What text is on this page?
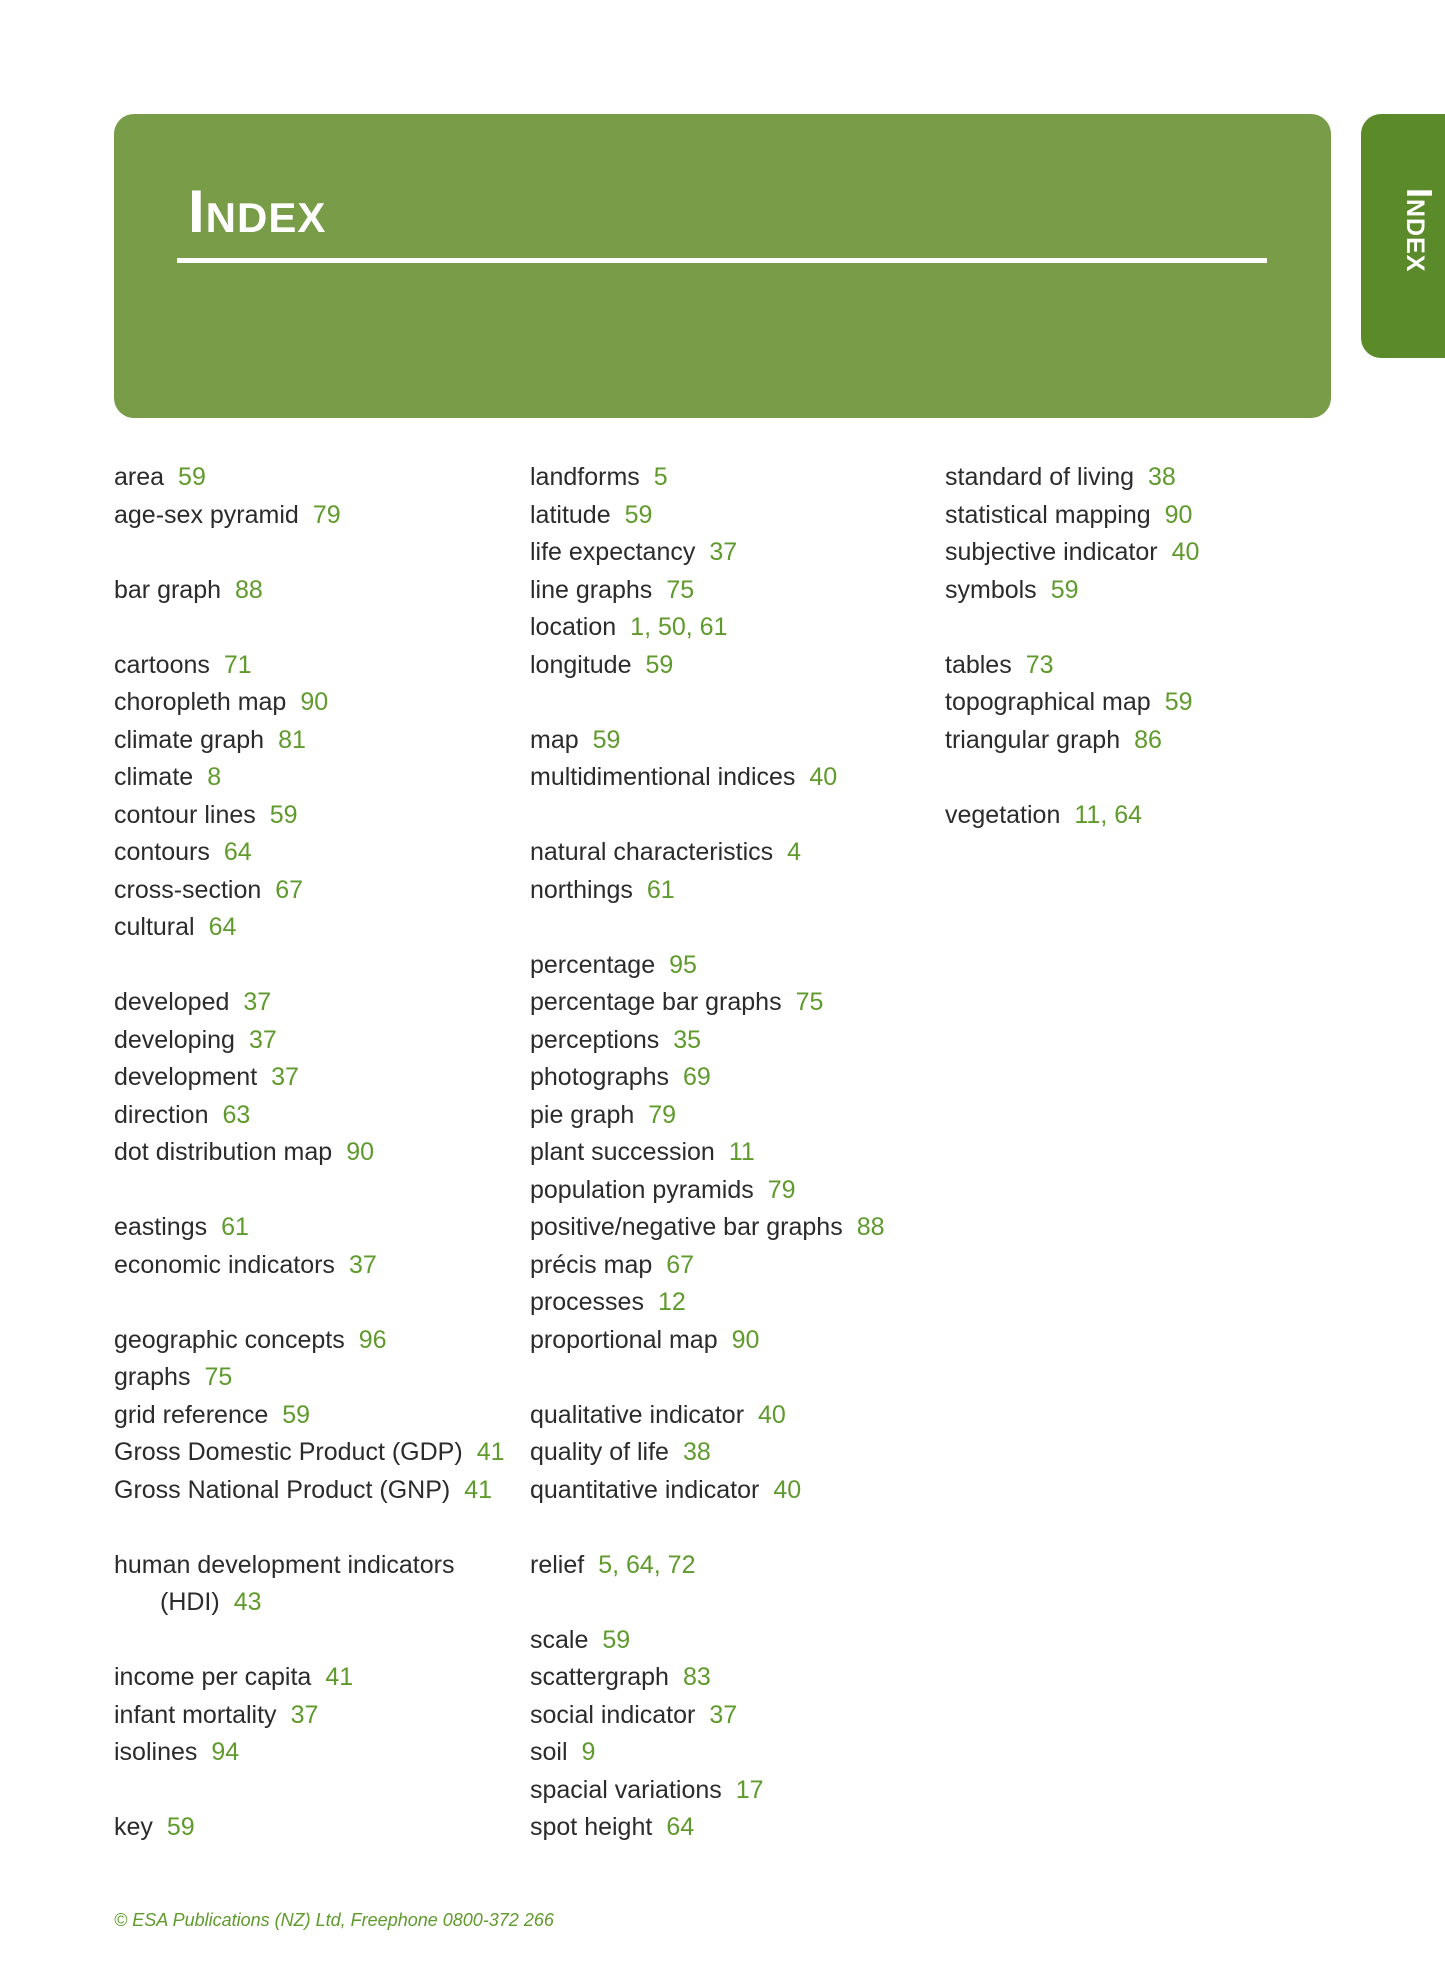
Index	Index
area 59
age-sex pyramid 79
bar graph 88
cartoons 71
choropleth map 90
climate graph 81
climate 8
contour lines 59
contours 64
cross-section 67
cultural 64
developed 37
developing 37
development 37
direction 63
dot distribution map 90
eastings 61
economic indicators 37
geographic concepts 96
graphs 75
grid reference 59
Gross Domestic Product (GDP) 41
Gross National Product (GNP) 41
human development indicators (HDI) 43
income per capita 41
infant mortality 37
isolines 94
key 59
landforms 5
latitude 59
life expectancy 37
line graphs 75
location 1, 50, 61
longitude 59
map 59
multidimentional indices 40
natural characteristics 4
northings 61
percentage 95
percentage bar graphs 75
perceptions 35
photographs 69
pie graph 79
plant succession 11
population pyramids 79
positive/negative bar graphs 88
précis map 67
processes 12
proportional map 90
qualitative indicator 40
quality of life 38
quantitative indicator 40
relief 5, 64, 72
scale 59
scattergraph 83
social indicator 37
soil 9
spacial variations 17
spot height 64
standard of living 38
statistical mapping 90
subjective indicator 40
symbols 59
tables 73
topographical map 59
triangular graph 86
vegetation 11, 64
© ESA Publications (NZ) Ltd, Freephone 0800-372 266
